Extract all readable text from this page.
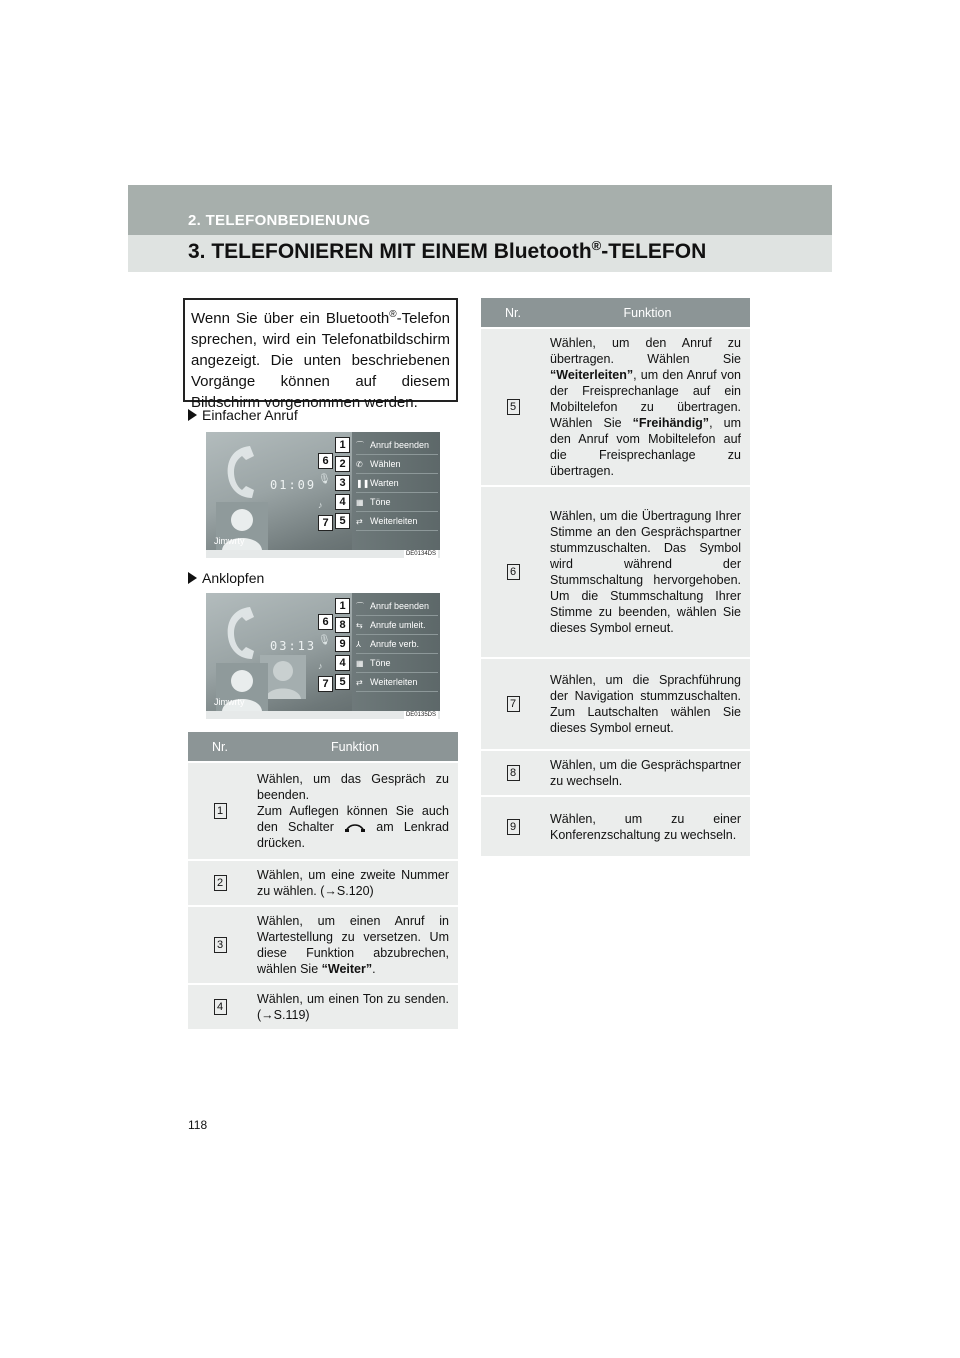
2. TELEFONBEDIENUNG
3. TELEFONIEREN MIT EINEM Bluetooth®-TELEFON
Wenn Sie über ein Bluetooth®-Telefon sprechen, wird ein Telefonatbildschirm angezeigt. Die unten beschriebenen Vorgänge können auf diesem Bildschirm vorgenommen werden.
Einfacher Anruf
01:09
Jimwrty
🎙
♪
⌒ Anruf beenden
✆ Wählen
❚❚Warten
▦ Töne
⇄ Weiterleiten
DE0134DS
1
2
3
4
5
6
7
Anklopfen
03:13
Jimwrty
🎙
♪
⌒ Anruf beenden
⇆ Anrufe umleit.
⅄ Anrufe verb.
▦ Töne
⇄ Weiterleiten
DE0135DS
1
8
9
4
5
6
7
Nr.	Funktion
1	Wählen, um das Gespräch zu beenden.
Zum Auflegen können Sie auch den Schalter am Lenkrad drücken.
2	Wählen, um eine zweite Nummer zu wählen. (→S.120)
3	Wählen, um einen Anruf in Wartestellung zu versetzen. Um diese Funktion abzubrechen, wählen Sie “Weiter”.
4	Wählen, um einen Ton zu senden. (→S.119)
Nr.	Funktion
5	Wählen, um den Anruf zu übertragen. Wählen Sie “Weiterleiten”, um den Anruf von der Freisprechanlage auf ein Mobiltelefon zu übertragen. Wählen Sie “Freihändig”, um den Anruf vom Mobiltelefon auf die Freisprechanlage zu übertragen.
6	Wählen, um die Übertragung Ihrer Stimme an den Gesprächspartner stummzuschalten. Das Symbol wird während der Stummschaltung hervorgehoben. Um die Stummschaltung Ihrer Stimme zu beenden, wählen Sie dieses Symbol erneut.
7	Wählen, um die Sprachführung der Navigation stummzuschalten. Zum Lautschalten wählen Sie dieses Symbol erneut.
8	Wählen, um die Gesprächspartner zu wechseln.
9	Wählen, um zu einer Konferenzschaltung zu wechseln.
118
